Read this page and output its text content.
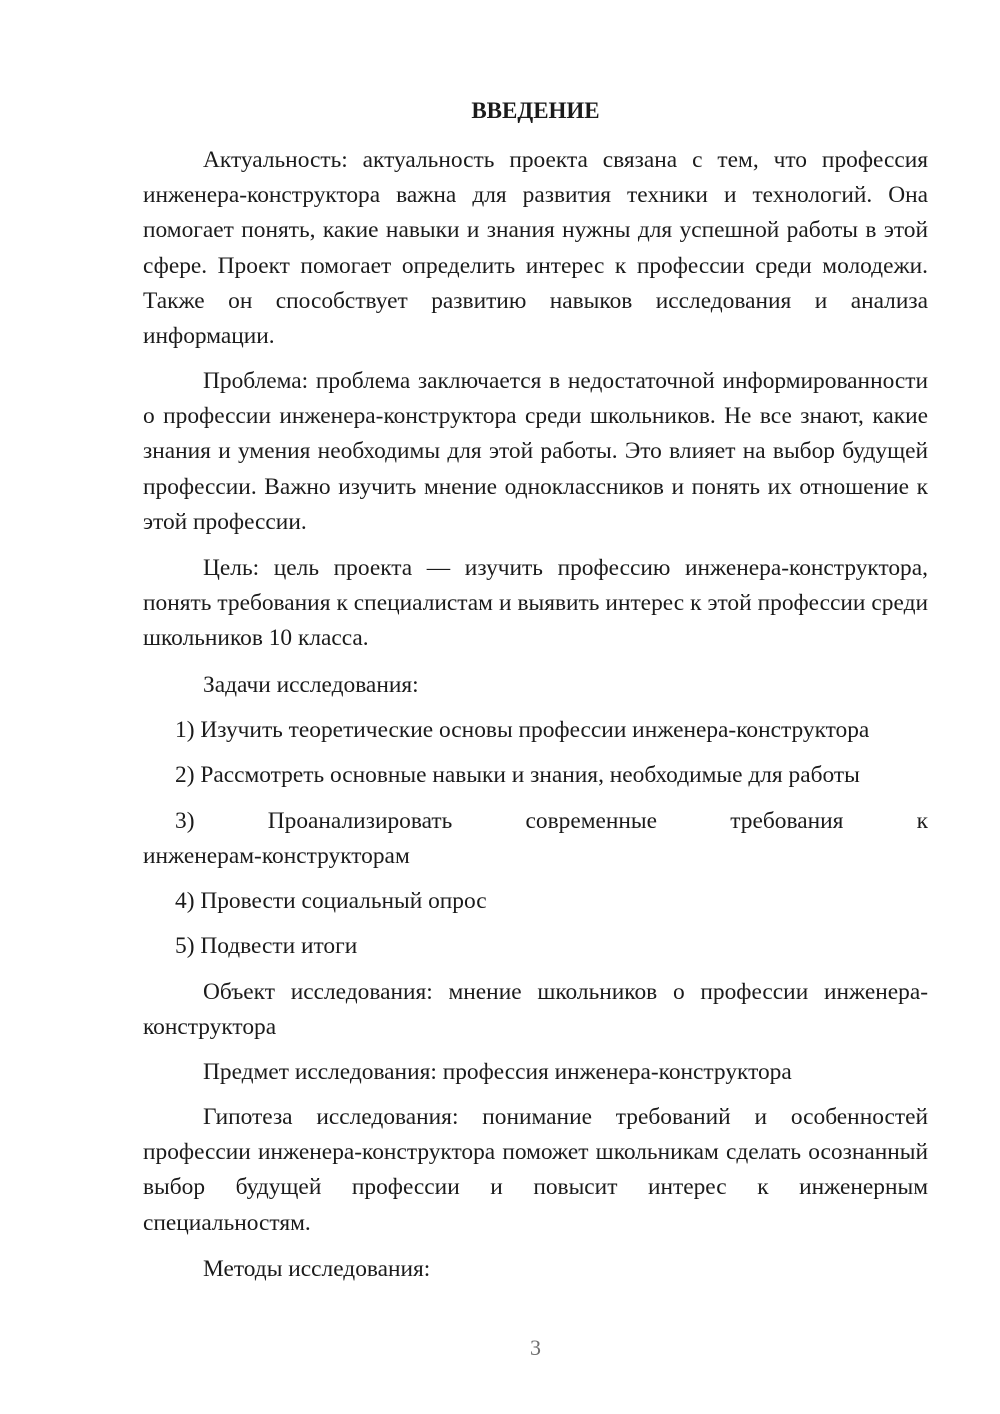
ВВЕДЕНИЕ

Актуальность: актуальность проекта связана с тем, что профессия инженера-конструктора важна для развития техники и технологий. Она помогает понять, какие навыки и знания нужны для успешной работы в этой сфере. Проект помогает определить интерес к профессии среди молодежи. Также он способствует развитию навыков исследования и анализа информации.

Проблема: проблема заключается в недостаточной информированности о профессии инженера-конструктора среди школьников. Не все знают, какие знания и умения необходимы для этой работы. Это влияет на выбор будущей профессии. Важно изучить мнение одноклассников и понять их отношение к этой профессии.

Цель: цель проекта — изучить профессию инженера-конструктора, понять требования к специалистам и выявить интерес к этой профессии среди школьников 10 класса.

Задачи исследования:

1) Изучить теоретические основы профессии инженера-конструктора

2) Рассмотреть основные навыки и знания, необходимые для работы

3) Проанализировать современные требования к инженерам-конструкторам

4) Провести социальный опрос

5) Подвести итоги

Объект исследования: мнение школьников о профессии инженера-конструктора

Предмет исследования: профессия инженера-конструктора

Гипотеза исследования: понимание требований и особенностей профессии инженера-конструктора поможет школьникам сделать осознанный выбор будущей профессии и повысит интерес к инженерным специальностям.

Методы исследования:

3
